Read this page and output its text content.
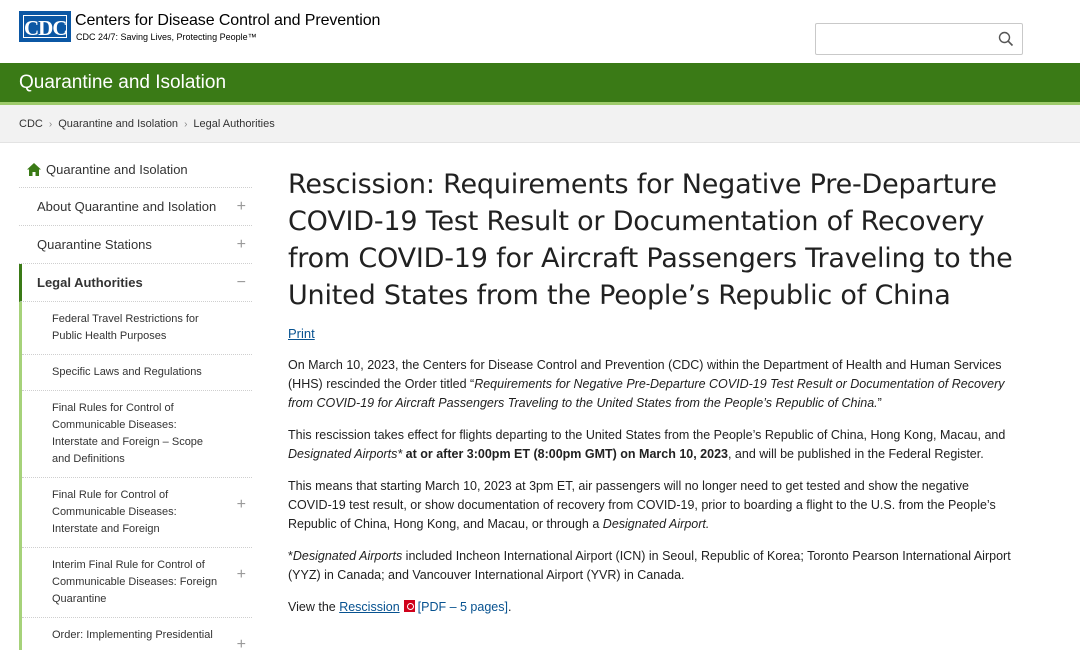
CDC Centers for Disease Control and Prevention
CDC 24/7: Saving Lives, Protecting People™
Quarantine and Isolation
CDC › Quarantine and Isolation › Legal Authorities
Quarantine and Isolation
About Quarantine and Isolation +
Quarantine Stations	+
Legal Authorities	−
Federal Travel Restrictions for Public Health Purposes
Specific Laws and Regulations
Final Rules for Control of Communicable Diseases: Interstate and Foreign – Scope and Definitions
Final Rule for Control of Communicable Diseases: Interstate and Foreign
+
Interim Final Rule for Control of Communicable Diseases: Foreign Quarantine
+
Order: Implementing Presidential
+
Rescission: Requirements for Negative Pre-Departure COVID-19 Test Result or Documentation of Recovery from COVID-19 for Aircraft Passengers Traveling to the United States from the People’s Republic of China
Print

On March 10, 2023, the Centers for Disease Control and Prevention (CDC) within the Department of Health and Human Services (HHS) rescinded the Order titled “Requirements for Negative Pre-Departure COVID-19 Test Result or Documentation of Recovery from COVID-19 for Aircraft Passengers Traveling to the United States from the People’s Republic of China.”

This rescission takes effect for flights departing to the United States from the People’s Republic of China, Hong Kong, Macau, and Designated Airports* at or after 3:00pm ET (8:00pm GMT) on March 10, 2023, and will be published in the Federal Register.

This means that starting March 10, 2023 at 3pm ET, air passengers will no longer need to get tested and show the negative COVID-19 test result, or show documentation of recovery from COVID-19, prior to boarding a flight to the U.S. from the People’s Republic of China, Hong Kong, and Macau, or through a Designated Airport.

*Designated Airports included Incheon International Airport (ICN) in Seoul, Republic of Korea; Toronto Pearson International Airport (YYZ) in Canada; and Vancouver International Airport (YVR) in Canada.

View the Rescission [PDF – 5 pages].
